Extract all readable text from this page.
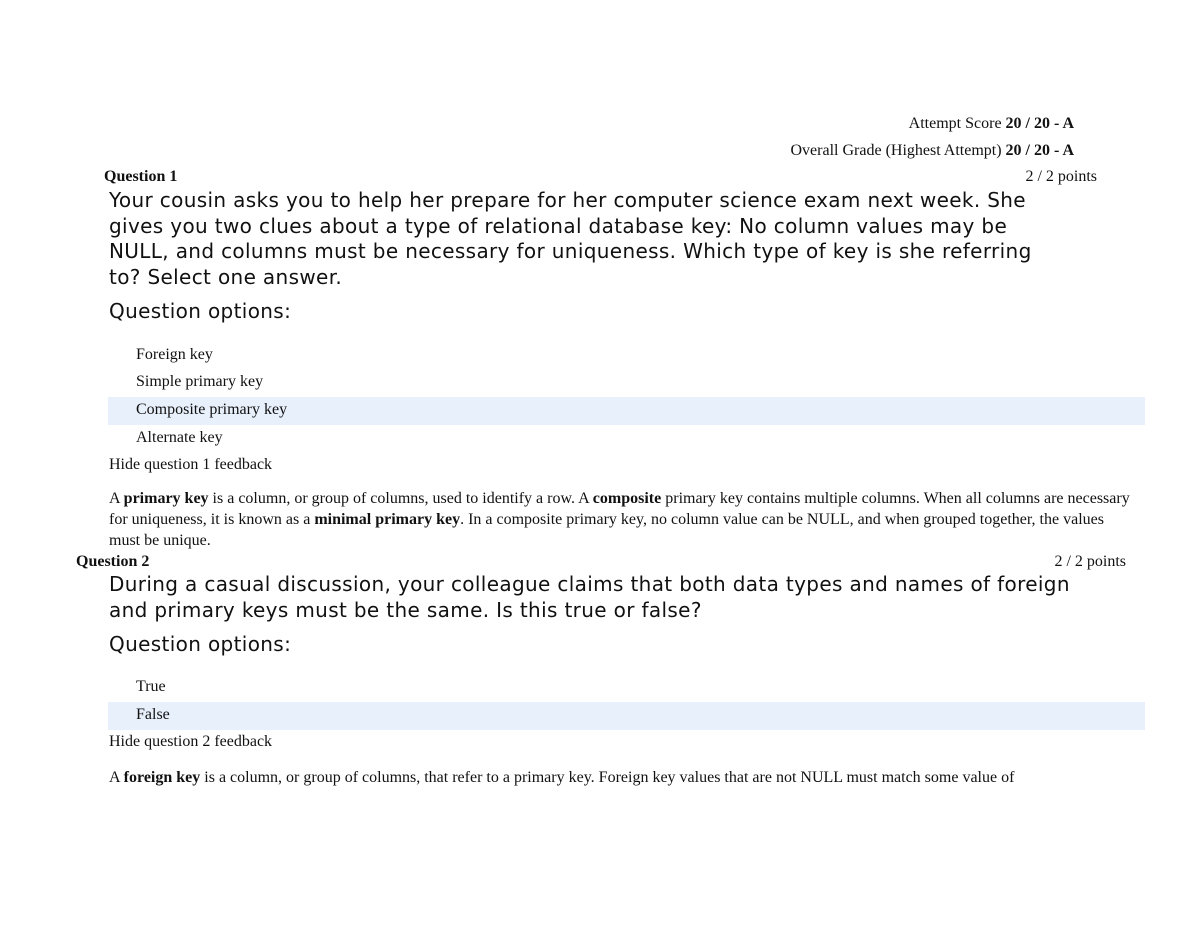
Attempt Score 20 / 20 - A
Overall Grade (Highest Attempt) 20 / 20 - A
Question 1	2 / 2 points
Your cousin asks you to help her prepare for her computer science exam next week. She gives you two clues about a type of relational database key: No column values may be NULL, and columns must be necessary for uniqueness. Which type of key is she referring to? Select one answer.
Question options:
Foreign key
Simple primary key
Composite primary key
Alternate key
Hide question 1 feedback
A primary key is a column, or group of columns, used to identify a row. A composite primary key contains multiple columns. When all columns are necessary for uniqueness, it is known as a minimal primary key. In a composite primary key, no column value can be NULL, and when grouped together, the values must be unique.
Question 2	2 / 2 points
During a casual discussion, your colleague claims that both data types and names of foreign and primary keys must be the same. Is this true or false?
Question options:
True
False
Hide question 2 feedback
A foreign key is a column, or group of columns, that refer to a primary key. Foreign key values that are not NULL must match some value of
